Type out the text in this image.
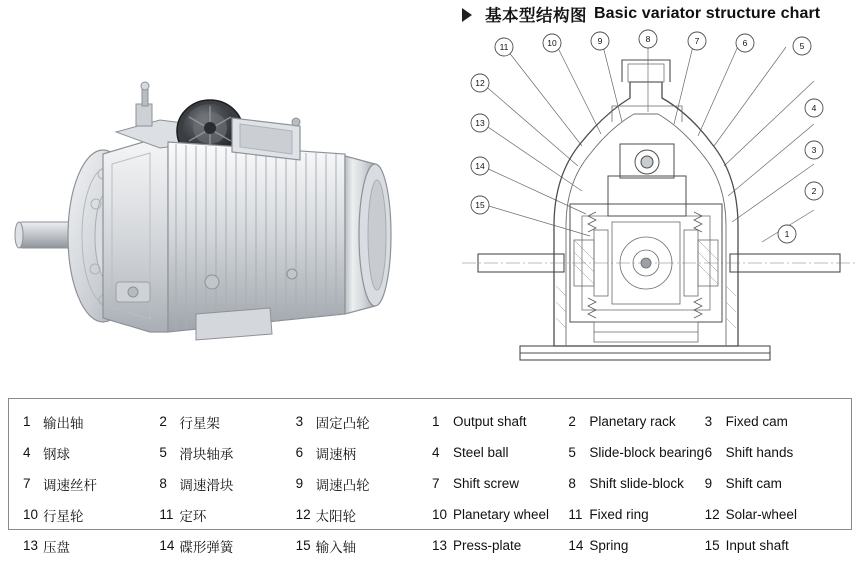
基本型结构图 Basic variator structure chart
1
2
3
4
5
6
7
8
9
10
11
12
13
14
15
1 输出轴	2 行星架	3 固定凸轮	1 Output shaft	2 Planetary rack 3 Fixed cam
4 钢球	5 滑块轴承	6 调速柄	4 Steel ball	5 Slide-block bearing 6 Shift hands
7 调速丝杆	8 调速滑块	9 调速凸轮	7 Shift screw	8 Shift slide-block 9 Shift cam
10 行星轮	11 定环	12 太阳轮	10 Planetary wheel 11 Fixed ring	12 Solar-wheel
13 压盘	14 碟形弹簧	15 输入轴	13 Press-plate	14 Spring	15 Input shaft
